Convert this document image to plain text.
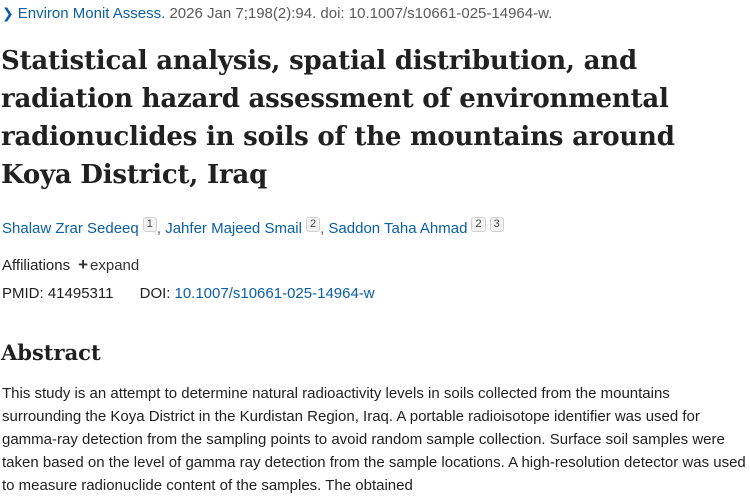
❯ Environ Monit Assess. 2026 Jan 7;198(2):94. doi: 10.1007/s10661-025-14964-w.
Statistical analysis, spatial distribution, and radiation hazard assessment of environmental radionuclides in soils of the mountains around Koya District, Iraq
Shalaw Zrar Sedeeq 1 , Jahfer Majeed Smail 2 , Saddon Taha Ahmad 2 3
Affiliations + expand
PMID: 41495311 DOI: 10.1007/s10661-025-14964-w
Abstract

This study is an attempt to determine natural radioactivity levels in soils collected from the mountains surrounding the Koya District in the Kurdistan Region, Iraq. A portable radioisotope identifier was used for gamma-ray detection from the sampling points to avoid random sample collection. Surface soil samples were taken based on the level of gamma ray detection from the sample locations. A high-resolution detector was used to measure radionuclide content of the samples. The obtained
